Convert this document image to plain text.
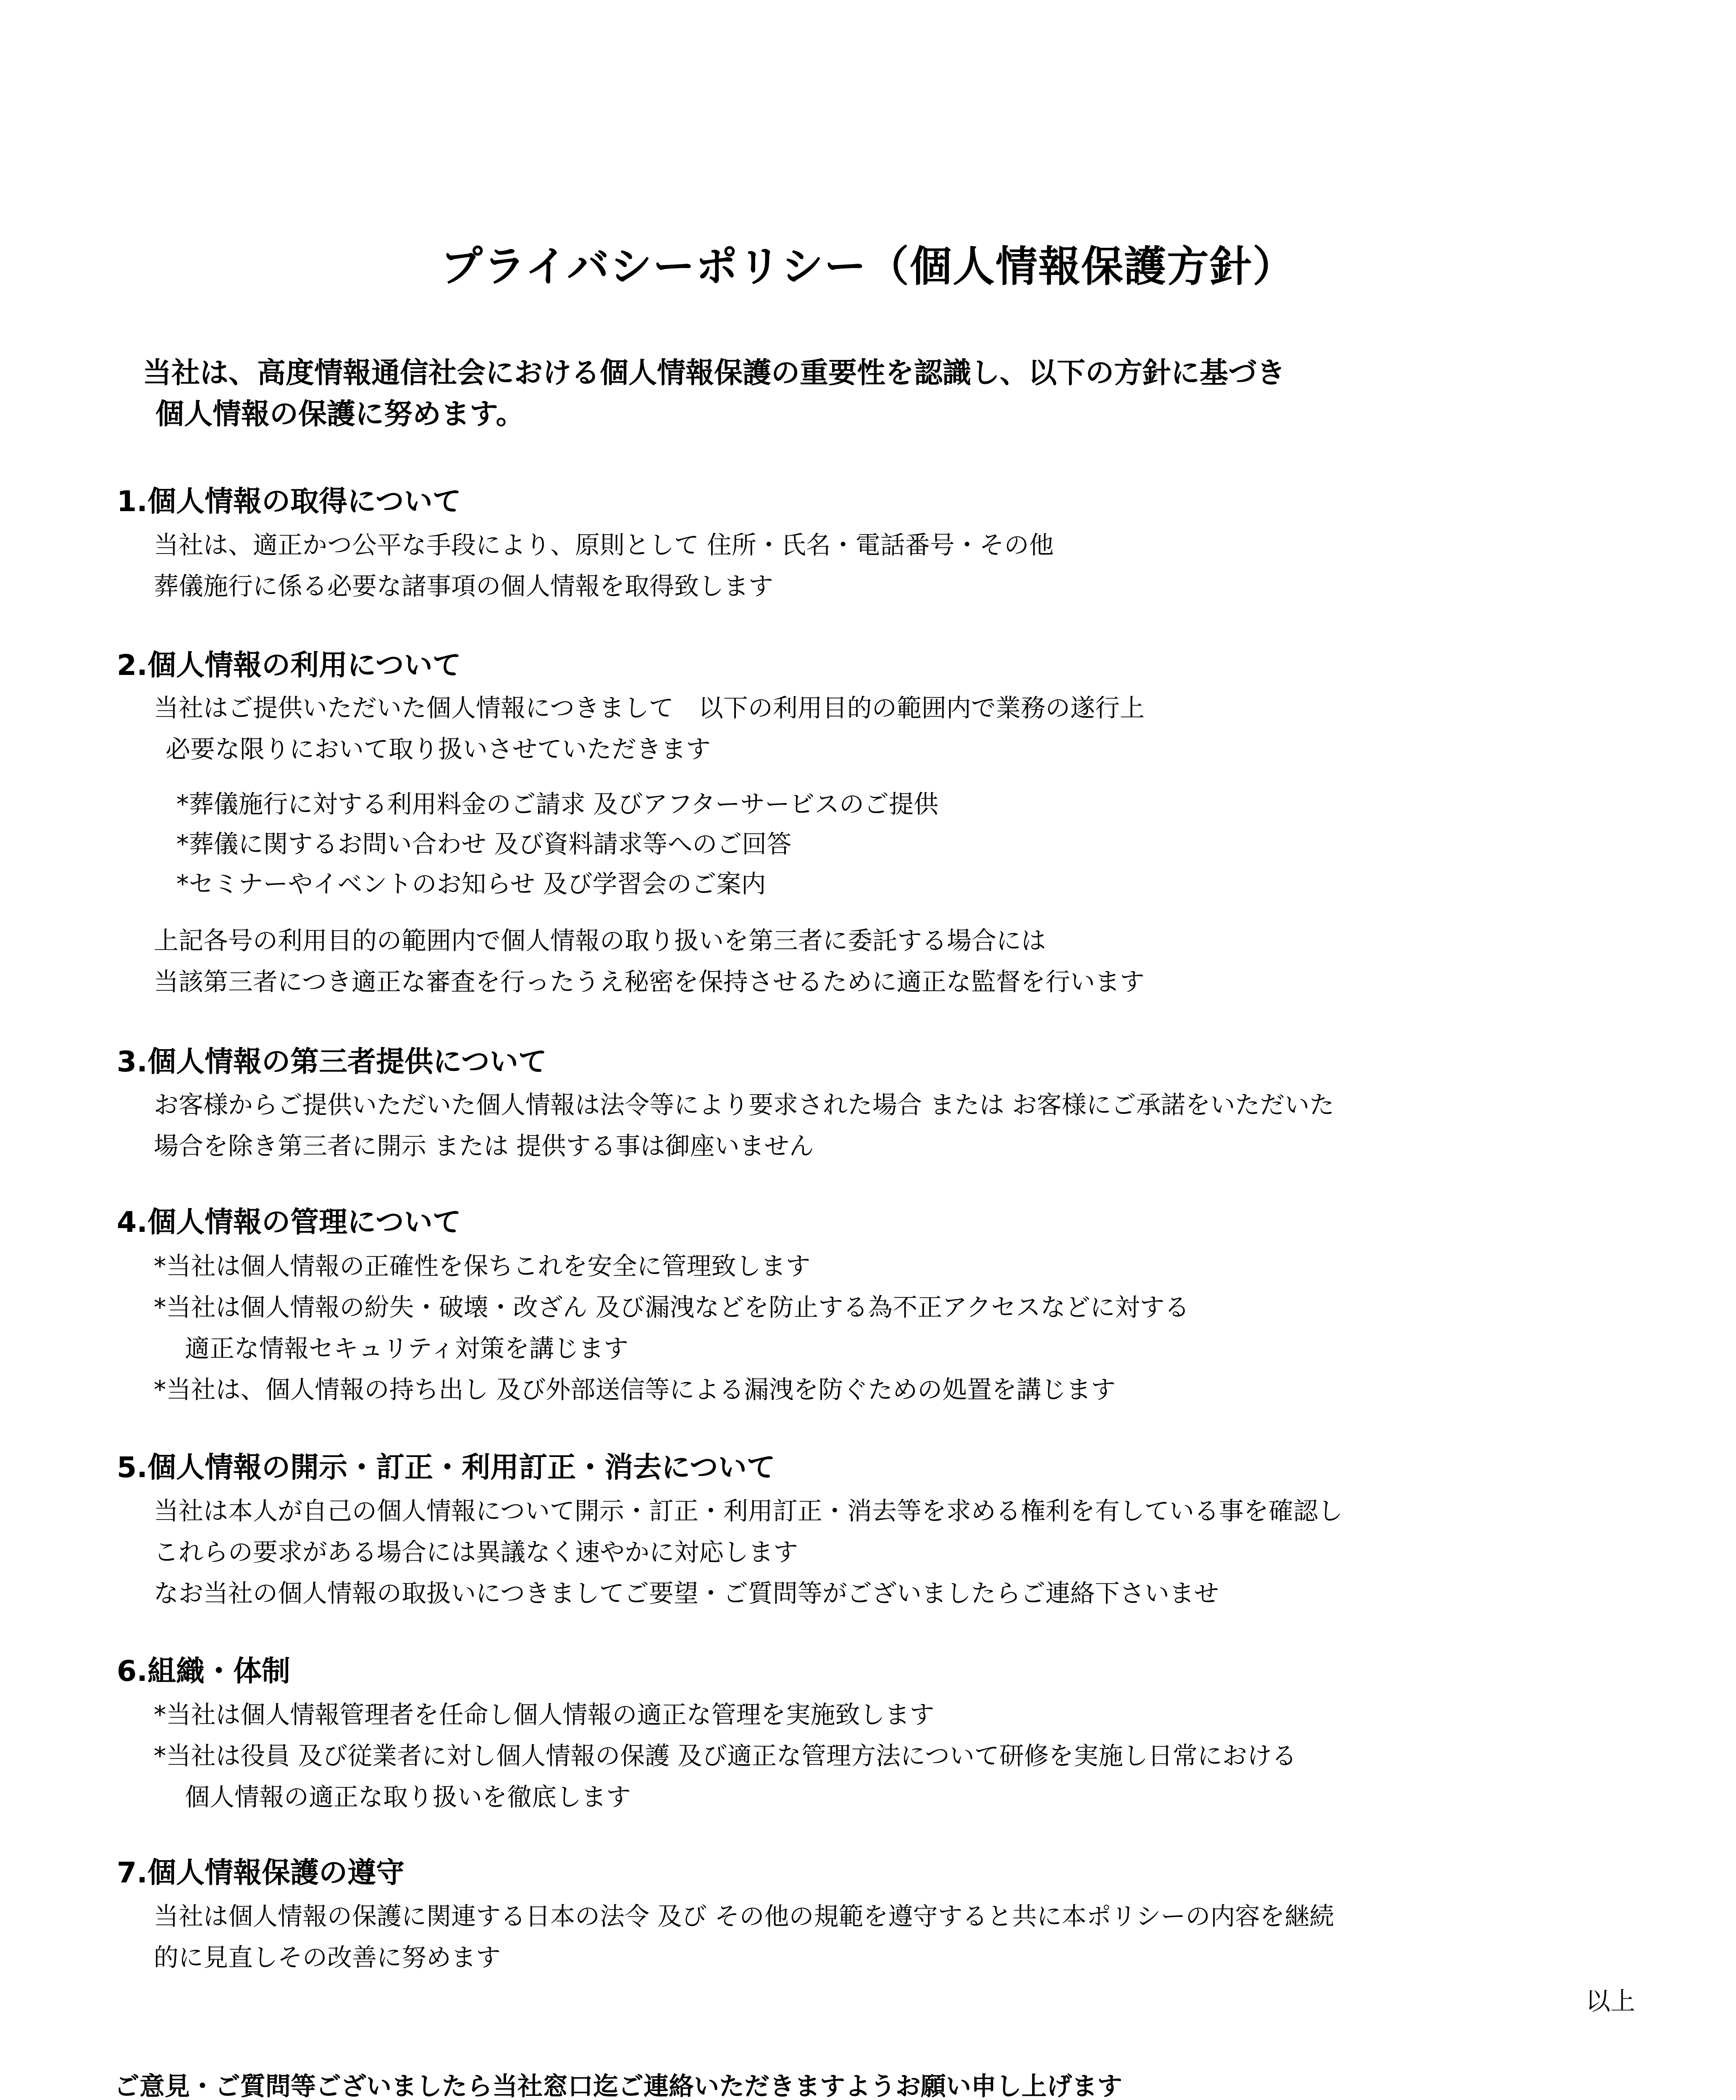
プライバシーポリシー（個人情報保護方針）
当社は、高度情報通信社会における個人情報保護の重要性を認識し、以下の方針に基づき
個人情報の保護に努めます。
1.個人情報の取得について
当社は、適正かつ公平な手段により、原則として 住所・氏名・電話番号・その他
葬儀施行に係る必要な諸事項の個人情報を取得致します
2.個人情報の利用について
当社はご提供いただいた個人情報につきまして　以下の利用目的の範囲内で業務の遂行上
必要な限りにおいて取り扱いさせていただきます
*葬儀施行に対する利用料金のご請求 及びアフターサービスのご提供
*葬儀に関するお問い合わせ 及び資料請求等へのご回答
*セミナーやイベントのお知らせ 及び学習会のご案内
上記各号の利用目的の範囲内で個人情報の取り扱いを第三者に委託する場合には
当該第三者につき適正な審査を行ったうえ秘密を保持させるために適正な監督を行います
3.個人情報の第三者提供について
お客様からご提供いただいた個人情報は法令等により要求された場合 または お客様にご承諾をいただいた
場合を除き第三者に開示 または 提供する事は御座いません
4.個人情報の管理について
*当社は個人情報の正確性を保ちこれを安全に管理致します
*当社は個人情報の紛失・破壊・改ざん 及び漏洩などを防止する為不正アクセスなどに対する
適正な情報セキュリティ対策を講じます
*当社は、個人情報の持ち出し 及び外部送信等による漏洩を防ぐための処置を講じます
5.個人情報の開示・訂正・利用訂正・消去について
当社は本人が自己の個人情報について開示・訂正・利用訂正・消去等を求める権利を有している事を確認し
これらの要求がある場合には異議なく速やかに対応します
なお当社の個人情報の取扱いにつきましてご要望・ご質問等がございましたらご連絡下さいませ
6.組織・体制
*当社は個人情報管理者を任命し個人情報の適正な管理を実施致します
*当社は役員 及び従業者に対し個人情報の保護 及び適正な管理方法について研修を実施し日常における
個人情報の適正な取り扱いを徹底します
7.個人情報保護の遵守
当社は個人情報の保護に関連する日本の法令 及び その他の規範を遵守すると共に本ポリシーの内容を継続
的に見直しその改善に努めます
以上
ご意見・ご質問等ございましたら当社窓口迄ご連絡いただきますようお願い申し上げます
